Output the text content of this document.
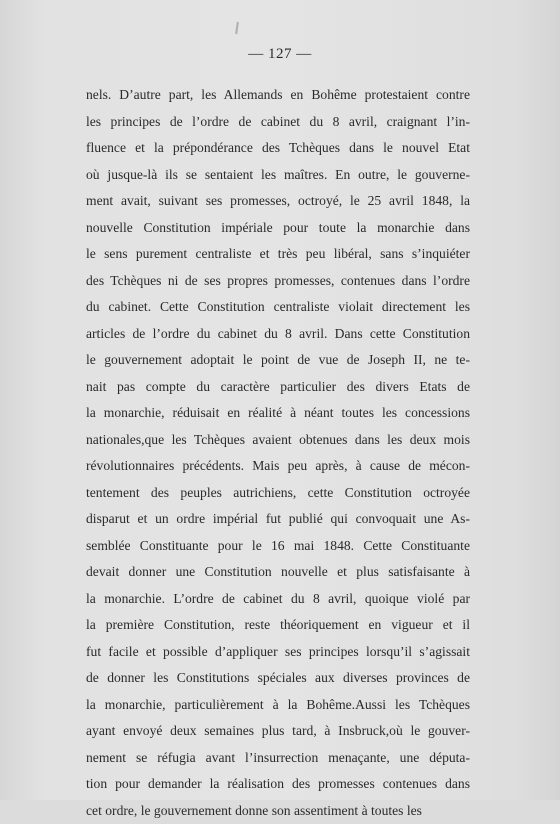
— 127 —
nels. D’autre part, les Allemands en Bohême protestaient contre
les principes de l’ordre de cabinet du 8 avril, craignant l’in-
fluence et la prépondérance des Tchèques dans le nouvel Etat
où jusque-là ils se sentaient les maîtres. En outre, le gouverne-
ment avait, suivant ses promesses, octroyé, le 25 avril 1848, la
nouvelle Constitution impériale pour toute la monarchie dans
le sens purement centraliste et très peu libéral, sans s’inquiéter
des Tchèques ni de ses propres promesses, contenues dans l’ordre
du cabinet. Cette Constitution centraliste violait directement les
articles de l’ordre du cabinet du 8 avril. Dans cette Constitution
le gouvernement adoptait le point de vue de Joseph II, ne te-
nait pas compte du caractère particulier des divers Etats de
la monarchie, réduisait en réalité à néant toutes les concessions
nationales,que les Tchèques avaient obtenues dans les deux mois
révolutionnaires précédents. Mais peu après, à cause de mécon-
tentement des peuples autrichiens, cette Constitution octroyée
disparut et un ordre impérial fut publié qui convoquait une As-
semblée Constituante pour le 16 mai 1848. Cette Constituante
devait donner une Constitution nouvelle et plus satisfaisante à
la monarchie. L’ordre de cabinet du 8 avril, quoique violé par
la première Constitution, reste théoriquement en vigueur et il
fut facile et possible d’appliquer ses principes lorsqu’il s’agissait
de donner les Constitutions spéciales aux diverses provinces de
la monarchie, particulièrement à la Bohême.Aussi les Tchèques
ayant envoyé deux semaines plus tard, à Insbruck,où le gouver-
nement se réfugia avant l’insurrection menaçante, une députa-
tion pour demander la réalisation des promesses contenues dans
cet ordre, le gouvernement donne son assentiment à toutes les
